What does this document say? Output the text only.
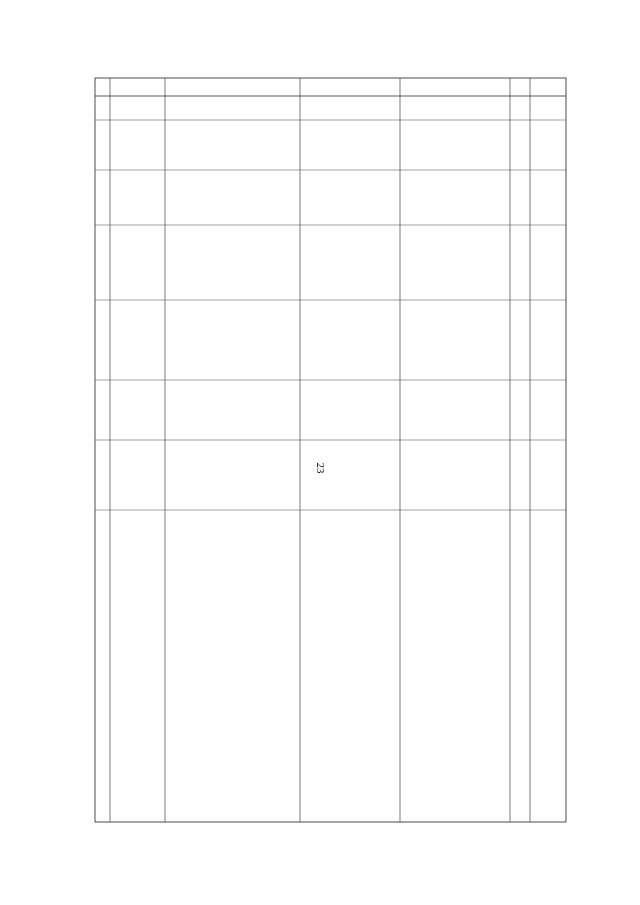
23
